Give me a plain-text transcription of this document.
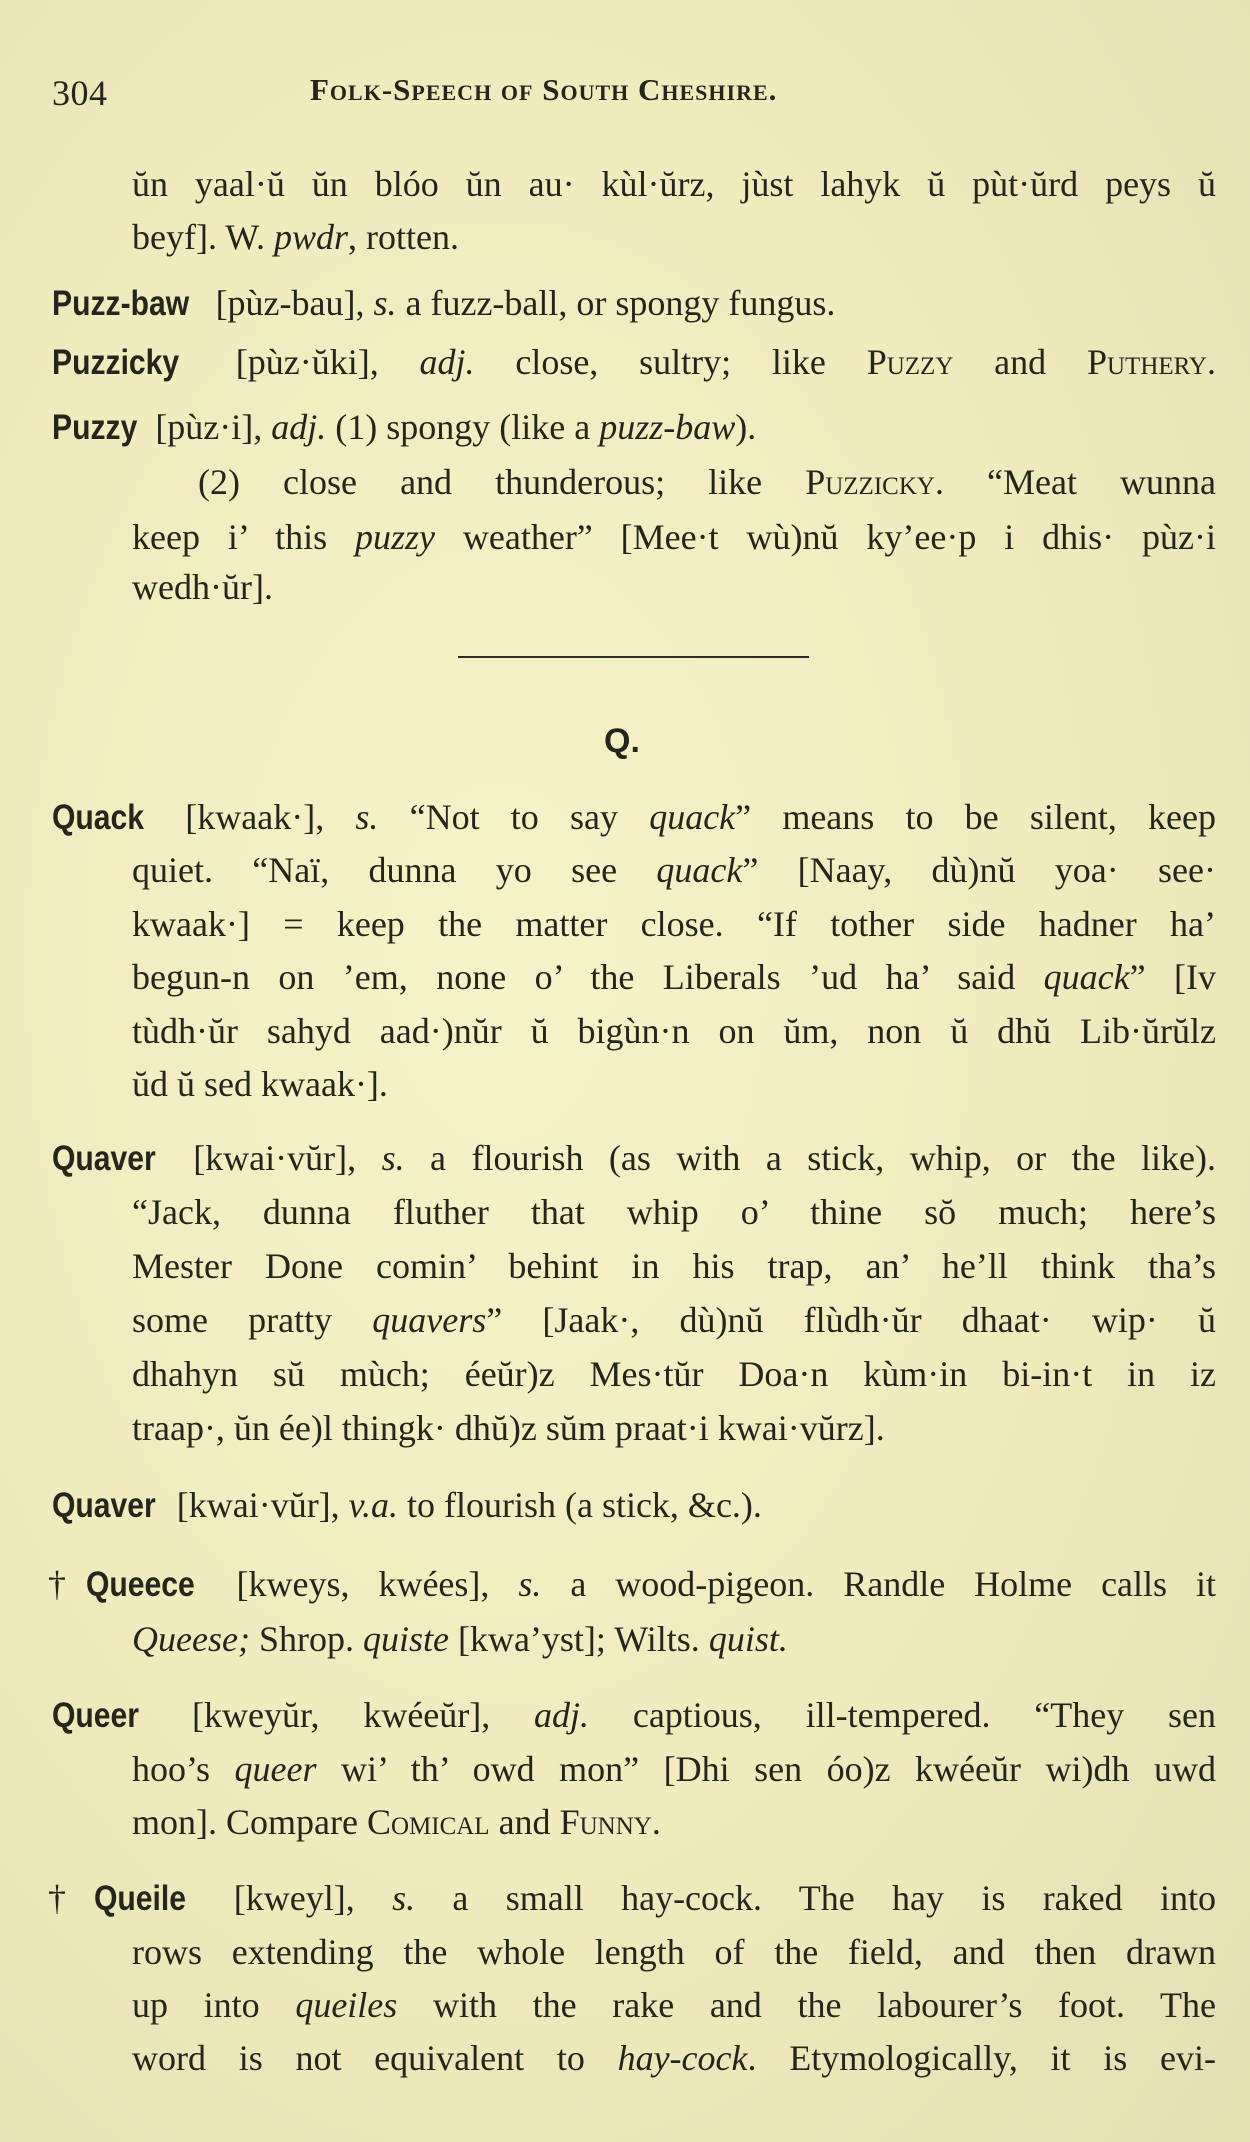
304	Folk-Speech of South Cheshire.
Q.
ŭn yaal·ŭ ŭn blóo ŭn au· kùl·ŭrz, jùst lahyk ŭ pùt·ŭrd peys ŭ
beyf]. W. pwdr, rotten.
Puzz-baw [pùz-bau], s. a fuzz-ball, or spongy fungus.
Puzzicky [pùz·ŭki], adj. close, sultry; like Puzzy and Puthery.
Puzzy [pùz·i], adj. (1) spongy (like a puzz-baw).
(2) close and thunderous; like Puzzicky. “Meat wunna
keep i’ this puzzy weather” [Mee·t wù)nŭ ky’ee·p i dhis· pùz·i
wedh·ŭr].
Quack [kwaak·], s. “Not to say quack” means to be silent, keep
quiet. “Naï, dunna yo see quack” [Naay, dù)nŭ yoa· see·
kwaak·] = keep the matter close. “If tother side hadner ha’
begun-n on ’em, none o’ the Liberals ’ud ha’ said quack” [Iv
tùdh·ŭr sahyd aad·)nŭr ŭ bigùn·n on ŭm, non ŭ dhŭ Lib·ŭrŭlz
ŭd ŭ sed kwaak·].
Quaver [kwai·vŭr], s. a flourish (as with a stick, whip, or the like).
“Jack, dunna fluther that whip o’ thine sŏ much; here’s
Mester Done comin’ behint in his trap, an’ he’ll think tha’s
some pratty quavers” [Jaak·, dù)nŭ flùdh·ŭr dhaat· wip· ŭ
dhahyn sŭ mùch; éeŭr)z Mes·tŭr Doa·n kùm·in bi-in·t in iz
traap·, ŭn ée)l thingk· dhŭ)z sŭm praat·i kwai·vŭrz].
Quaver [kwai·vŭr], v.a. to flourish (a stick, &c.).
†Queece [kweys, kwées], s. a wood-pigeon. Randle Holme calls it
Queese; Shrop. quiste [kwa’yst]; Wilts. quist.
Queer [kweyŭr, kwéeŭr], adj. captious, ill-tempered. “They sen
hoo’s queer wi’ th’ owd mon” [Dhi sen óo)z kwéeŭr wi)dh uwd
mon]. Compare Comical and Funny.
†Queile [kweyl], s. a small hay-cock. The hay is raked into
rows extending the whole length of the field, and then drawn
up into queiles with the rake and the labourer’s foot. The
word is not equivalent to hay-cock. Etymologically, it is evi-
